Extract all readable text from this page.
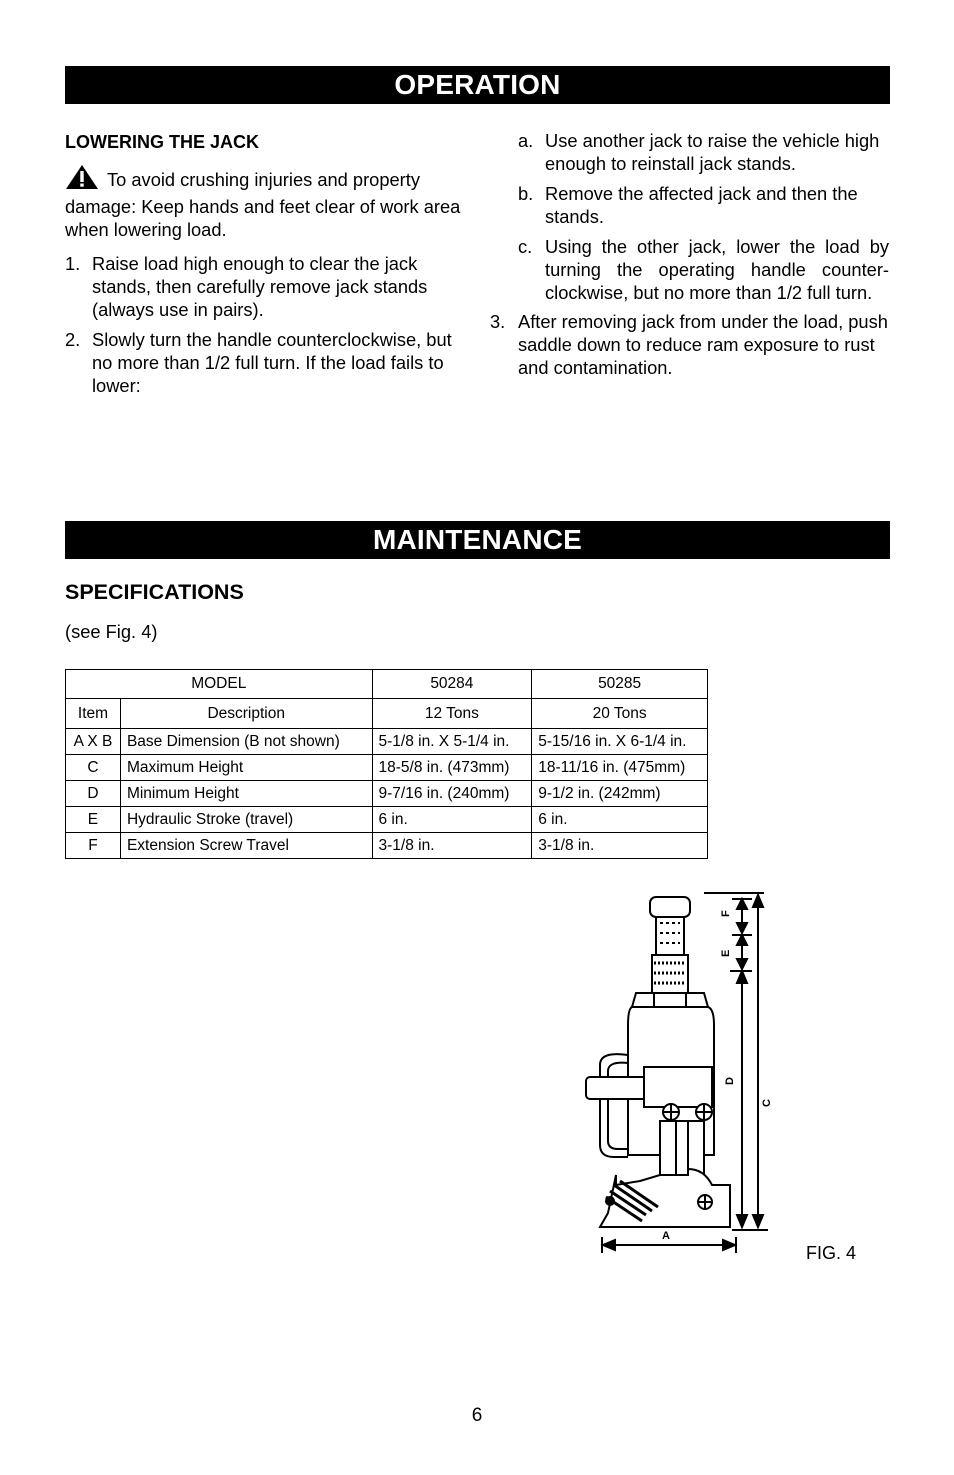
OPERATION

LOWERING THE JACK

To avoid crushing injuries and property damage: Keep hands and feet clear of work area when lowering load.

1. Raise load high enough to clear the jack stands, then carefully remove jack stands (always use in pairs).
2. Slowly turn the handle counterclockwise, but no more than 1/2 full turn. If the load fails to lower:
a. Use another jack to raise the vehicle high enough to reinstall jack stands.
b. Remove the affected jack and then the stands.
c. Using the other jack, lower the load by turning the operating handle counter-clockwise, but no more than 1/2 full turn.
3. After removing jack from under the load, push saddle down to reduce ram exposure to rust and contamination.
MAINTENANCE
SPECIFICATIONS
(see Fig. 4)
MODEL		50284	50285
Item	Description	12 Tons	20 Tons
A X B	Base Dimension (B not shown)	5-1/8 in. X 5-1/4 in.	5-15/16 in. X 6-1/4 in.
C	Maximum Height	18-5/8 in. (473mm)	18-11/16 in. (475mm)
D	Minimum Height	9-7/16 in. (240mm)	9-1/2 in. (242mm)
E	Hydraulic Stroke (travel)	6 in.	6 in.
F	Extension Screw Travel	3-1/8 in.	3-1/8 in.
A
C
D
E
F
FIG. 4
6
